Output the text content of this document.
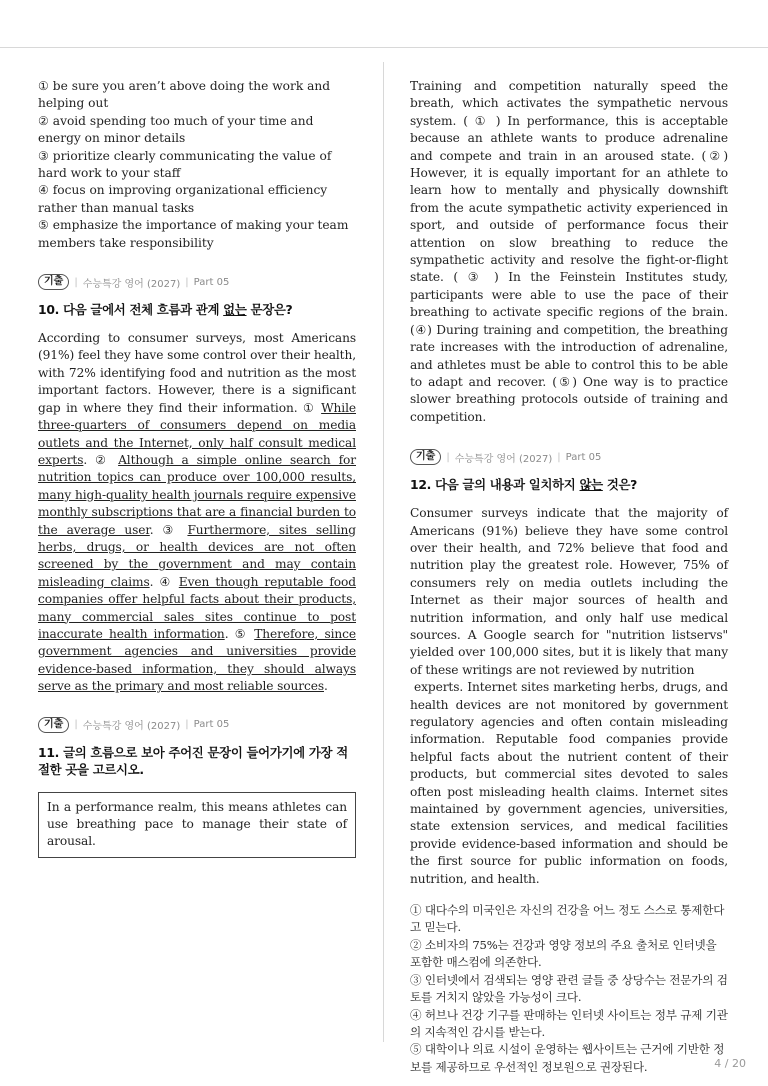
① be sure you aren’t above doing the work and helping out

② avoid spending too much of your time and energy on minor details

③ prioritize clearly communicating the value of hard work to your staff

④ focus on improving organizational efficiency rather than manual tasks

⑤ emphasize the importance of making your team members take responsibility

기출	| 수능특강 영어 (2027) | Part 05

10. 다음 글에서 전체 흐름과 관계 없는 문장은?

According to consumer surveys, most Americans (91%) feel they have some control over their health, with 72% identifying food and nutrition as the most important factors. However, there is a significant gap in where they find their information. ① While three-quarters of consumers depend on media outlets and the Internet, only half consult medical experts. ② Although a simple online search for nutrition topics can produce over 100,000 results, many high-quality health journals require expensive monthly subscriptions that are a financial burden to the average user. ③ Furthermore, sites selling herbs, drugs, or health devices are not often screened by the government and may contain misleading claims. ④ Even though reputable food companies offer helpful facts about their products, many commercial sales sites continue to post inaccurate health information. ⑤ Therefore, since government agencies and universities provide evidence-based information, they should always serve as the primary and most reliable sources.

기출	| 수능특강 영어 (2027) | Part 05

11. 글의 흐름으로 보아 주어진 문장이 들어가기에 가장 적절한 곳을 고르시오.

In a performance realm, this means athletes can use breathing pace to manage their state of arousal.

Training and competition naturally speed the breath, which activates the sympathetic nervous system. ( ① ) In performance, this is acceptable because an athlete wants to produce adrenaline and compete and train in an aroused state. (②) However, it is equally important for an athlete to learn how to mentally and physically downshift from the acute sympathetic activity experienced in sport, and outside of performance focus their attention on slow breathing to reduce the sympathetic activity and resolve the fight-or-flight state. ( ③ ) In the Feinstein Institutes study, participants were able to use the pace of their breathing to activate specific regions of the brain. (④) During training and competition, the breathing rate increases with the introduction of adrenaline, and athletes must be able to control this to be able to adapt and recover. (⑤) One way is to practice slower breathing protocols outside of training and competition.

기출	| 수능특강 영어 (2027) | Part 05

12. 다음 글의 내용과 일치하지 않는 것은?

Consumer surveys indicate that the majority of Americans (91%) believe they have some control over their health, and 72% believe that food and nutrition play the greatest role. However, 75% of consumers rely on media outlets including the Internet as their major sources of health and nutrition information, and only half use medical sources. A Google search for "nutrition listservs" yielded over 100,000 sites, but it is likely that many of these writings are not reviewed by nutrition

experts. Internet sites marketing herbs, drugs, and health devices are not monitored by government regulatory agencies and often contain misleading information. Reputable food companies provide helpful facts about the nutrient content of their products, but commercial sites devoted to sales often post misleading health claims. Internet sites maintained by government agencies, universities, state extension services, and medical facilities provide evidence-based information and should be the first source for public information on foods, nutrition, and health.

① 대다수의 미국인은 자신의 건강을 어느 정도 스스로 통제한다고 믿는다.

② 소비자의 75%는 건강과 영양 정보의 주요 출처로 인터넷을 포함한 매스컴에 의존한다.

③ 인터넷에서 검색되는 영양 관련 글들 중 상당수는 전문가의 검토를 거치지 않았을 가능성이 크다.

④ 허브나 건강 기구를 판매하는 인터넷 사이트는 정부 규제 기관의 지속적인 감시를 받는다.

⑤ 대학이나 의료 시설이 운영하는 웹사이트는 근거에 기반한 정보를 제공하므로 우선적인 정보원으로 권장된다.	4 / 20
